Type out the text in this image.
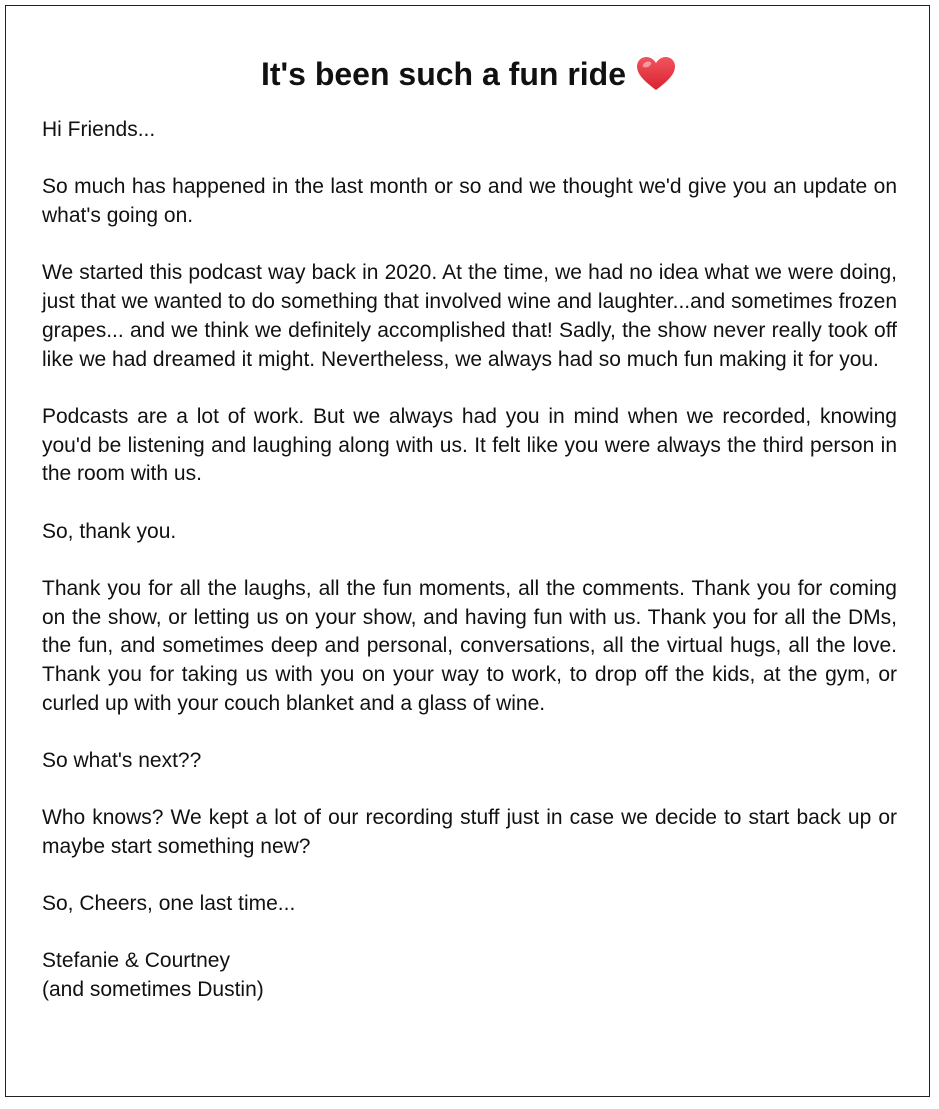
It's been such a fun ride

Hi Friends...

So much has happened in the last month or so and we thought we'd give you an update on what's going on.

We started this podcast way back in 2020. At the time, we had no idea what we were doing, just that we wanted to do something that involved wine and laughter...and sometimes frozen grapes... and we think we definitely accomplished that! Sadly, the show never really took off like we had dreamed it might. Nevertheless, we always had so much fun making it for you.

Podcasts are a lot of work. But we always had you in mind when we recorded, knowing you'd be listening and laughing along with us. It felt like you were always the third person in the room with us.

So, thank you.

Thank you for all the laughs, all the fun moments, all the comments. Thank you for coming on the show, or letting us on your show, and having fun with us. Thank you for all the DMs, the fun, and sometimes deep and personal, conversations, all the virtual hugs, all the love. Thank you for taking us with you on your way to work, to drop off the kids, at the gym, or curled up with your couch blanket and a glass of wine.

So what's next??

Who knows? We kept a lot of our recording stuff just in case we decide to start back up or maybe start something new?

So, Cheers, one last time...

Stefanie & Courtney
(and sometimes Dustin)
